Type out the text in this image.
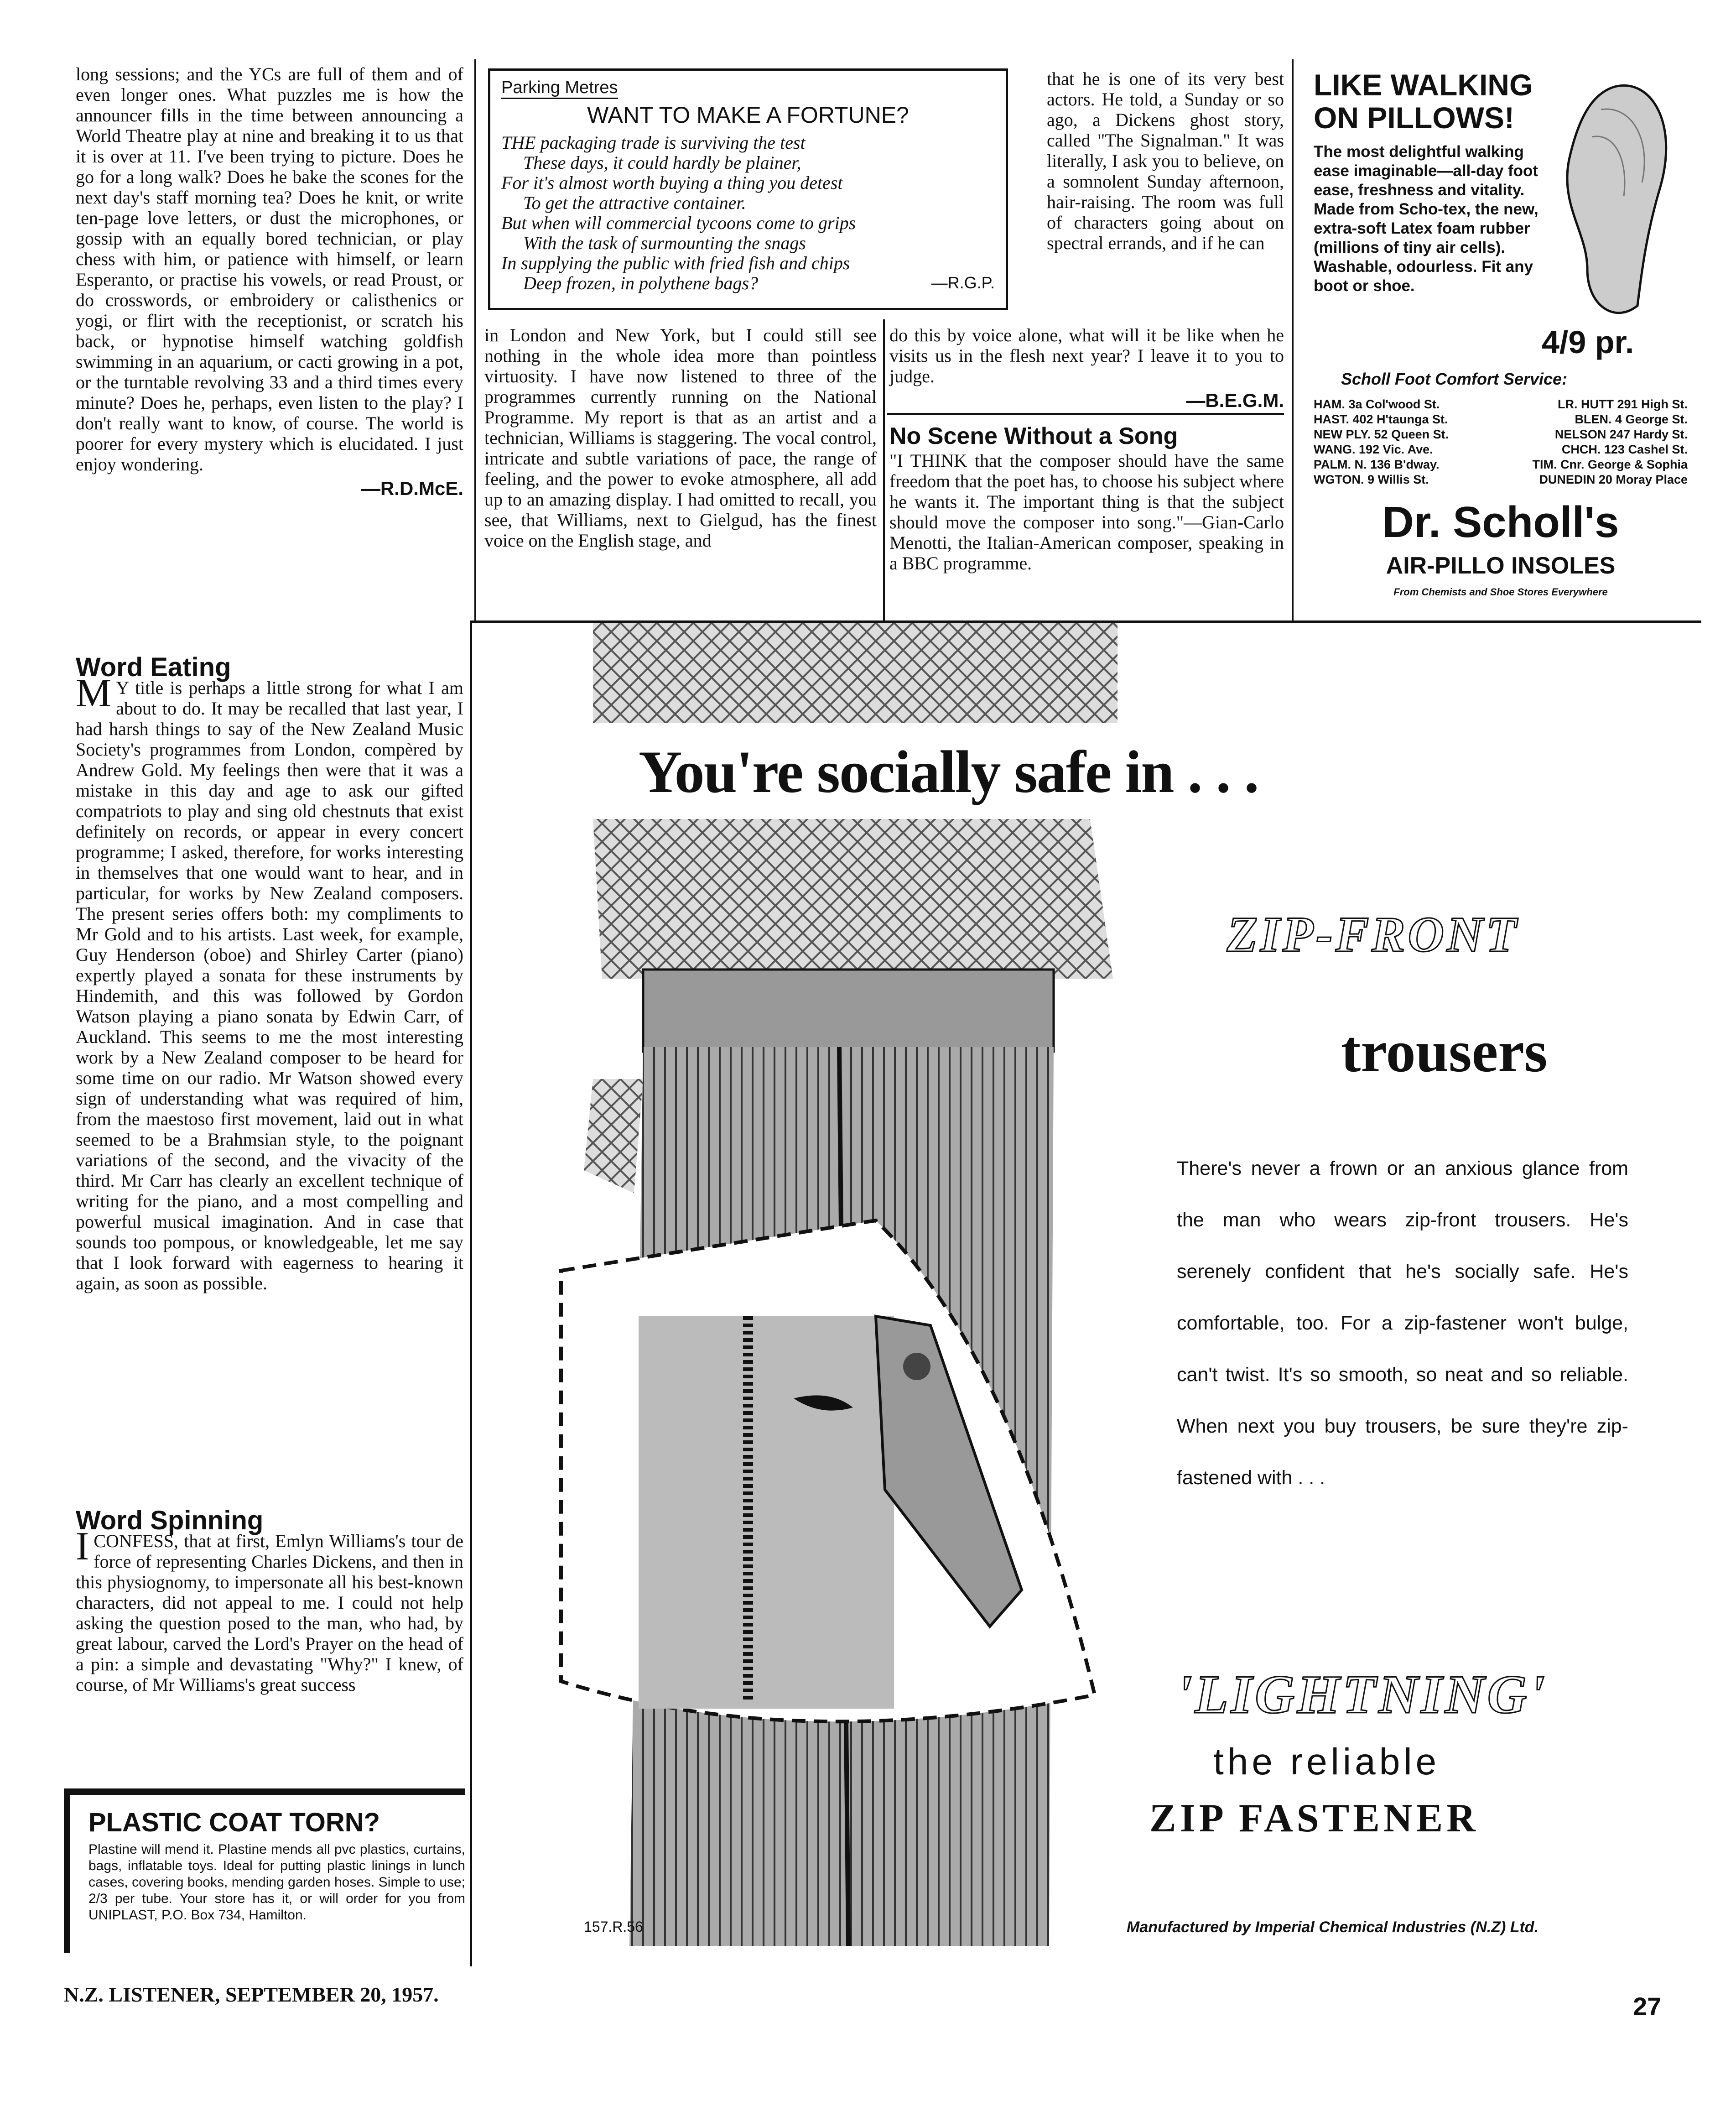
long sessions; and the YCs are full of them and of even longer ones. What puzzles me is how the announcer fills in the time between announcing a World Theatre play at nine and breaking it to us that it is over at 11. I've been trying to picture. Does he go for a long walk? Does he bake the scones for the next day's staff morning tea? Does he knit, or write ten-page love letters, or dust the microphones, or gossip with an equally bored technician, or play chess with him, or patience with himself, or learn Esperanto, or practise his vowels, or read Proust, or do crosswords, or embroidery or calisthenics or yogi, or flirt with the receptionist, or scratch his back, or hypnotise himself watching goldfish swimming in an aquarium, or cacti growing in a pot, or the turntable revolving 33 and a third times every minute? Does he, perhaps, even listen to the play? I don't really want to know, of course. The world is poorer for every mystery which is elucidated. I just enjoy wondering.

—R.D.McE.
Parking Metres
WANT TO MAKE A FORTUNE?
THE packaging trade is surviving the test
These days, it could hardly be plainer,
For it's almost worth buying a thing you detest
To get the attractive container.
But when will commercial tycoons come to grips
With the task of surmounting the snags
In supplying the public with fried fish and chips
Deep frozen, in polythene bags?	—R.G.P.

in London and New York, but I could still see nothing in the whole idea more than pointless virtuosity. I have now listened to three of the programmes currently running on the National Programme. My report is that as an artist and a technician, Williams is staggering. The vocal control, intricate and subtle variations of pace, the range of feeling, and the power to evoke atmosphere, all add up to an amazing display. I had omitted to recall, you see, that Williams, next to Gielgud, has the finest voice on the English stage, and

that he is one of its very best actors. He told, a Sunday or so ago, a Dickens ghost story, called "The Signalman." It was literally, I ask you to believe, on a somnolent Sunday afternoon, hair-raising. The room was full of characters going about on spectral errands, and if he can

do this by voice alone, what will it be like when he visits us in the flesh next year? I leave it to you to judge.

—B.E.G.M.
No Scene Without a Song

"I THINK that the composer should have the same freedom that the poet has, to choose his subject where he wants it. The important thing is that the subject should move the composer into song."—Gian-Carlo Menotti, the Italian-American composer, speaking in a BBC programme.

LIKE WALKING
ON PILLOWS!
The most delightful walking ease imaginable—all-day foot ease, freshness and vitality. Made from Scho-tex, the new, extra-soft Latex foam rubber (millions of tiny air cells). Washable, odourless. Fit any boot or shoe.
4/9 pr.
Scholl Foot Comfort Service:
HAM. 3a Col'wood St.	LR. HUTT 291 High St.
HAST. 402 H'taunga St.	BLEN. 4 George St.
NEW PLY. 52 Queen St.	NELSON 247 Hardy St.
WANG. 192 Vic. Ave.	CHCH. 123 Cashel St.
PALM. N. 136 B'dway.	TIM. Cnr. George & Sophia
WGTON. 9 Willis St.	DUNEDIN 20 Moray Place
Dr. Scholl's
AIR-PILLO INSOLES
From Chemists and Shoe Stores Everywhere
Word Eating

M Y title is perhaps a little strong for what I am about to do. It may be recalled that last year, I had harsh things to say of the New Zealand Music Society's programmes from London, compèred by Andrew Gold. My feelings then were that it was a mistake in this day and age to ask our gifted compatriots to play and sing old chestnuts that exist definitely on records, or appear in every concert programme; I asked, therefore, for works interesting in themselves that one would want to hear, and in particular, for works by New Zealand composers. The present series offers both: my compliments to Mr Gold and to his artists. Last week, for example, Guy Henderson (oboe) and Shirley Carter (piano) expertly played a sonata for these instruments by Hindemith, and this was followed by Gordon Watson playing a piano sonata by Edwin Carr, of Auckland. This seems to me the most interesting work by a New Zealand composer to be heard for some time on our radio. Mr Watson showed every sign of understanding what was required of him, from the maestoso first movement, laid out in what seemed to be a Brahmsian style, to the poignant variations of the second, and the vivacity of the third. Mr Carr has clearly an excellent technique of writing for the piano, and a most compelling and powerful musical imagination. And in case that sounds too pompous, or knowledgeable, let me say that I look forward with eagerness to hearing it again, as soon as possible.

Word Spinning

ICONFESS, that at first, Emlyn Williams's tour de force of representing Charles Dickens, and then in this physiognomy, to impersonate all his best-known characters, did not appeal to me. I could not help asking the question posed to the man, who had, by great labour, carved the Lord's Prayer on the head of a pin: a simple and devastating "Why?" I knew, of course, of Mr Williams's great success

PLASTIC COAT TORN?
Plastine will mend it. Plastine mends all pvc plastics, curtains, bags, inflatable toys. Ideal for putting plastic linings in lunch cases, covering books, mending garden hoses. Simple to use; 2/3 per tube. Your store has it, or will order for you from UNIPLAST, P.O. Box 734, Hamilton.
You're socially safe in . . .
ZIP-FRONT
trousers
There's never a frown or an anxious glance from the man who wears zip-front trousers. He's serenely confident that he's socially safe. He's comfortable, too. For a zip-fastener won't bulge, can't twist. It's so smooth, so neat and so reliable. When next you buy trousers, be sure they're zip-fastened with . . .
'LIGHTNING'
the reliable
ZIP FASTENER
157.R.56	Manufactured by Imperial Chemical Industries (N.Z) Ltd.
N.Z. LISTENER, SEPTEMBER 20, 1957.	27
